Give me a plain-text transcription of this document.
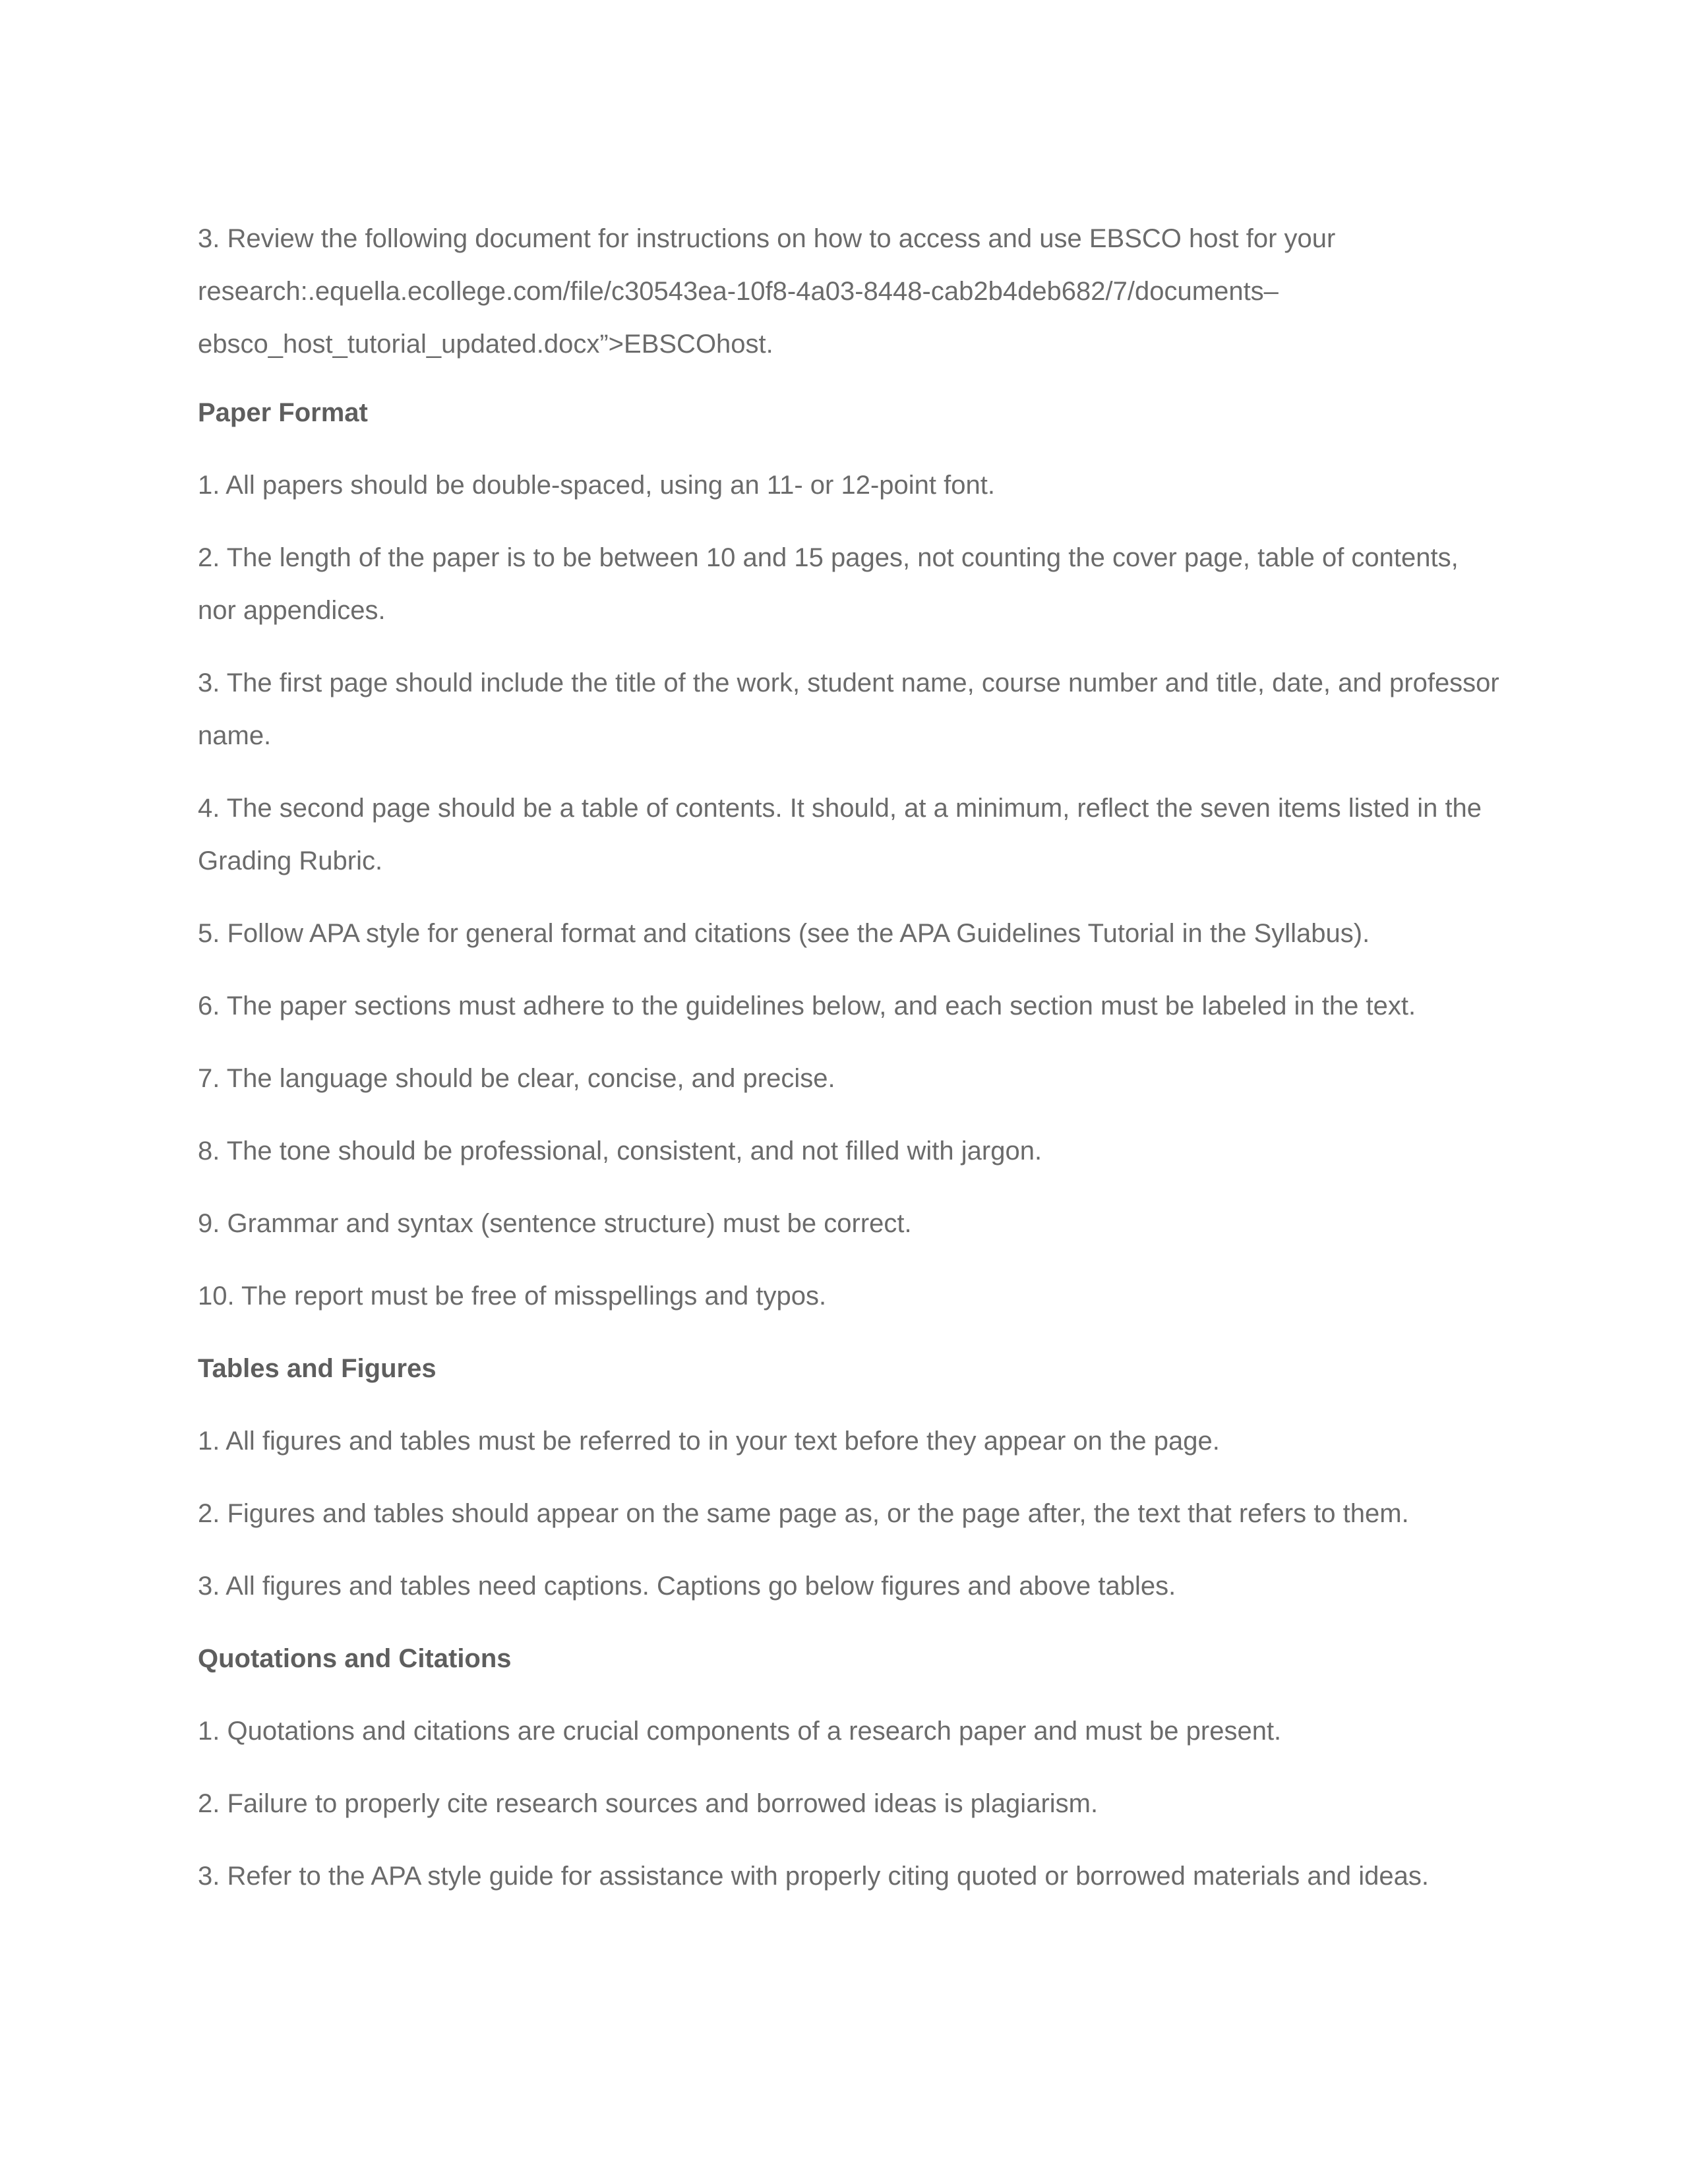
3. Review the following document for instructions on how to access and use EBSCO host for your
research:.equella.ecollege.com/file/c30543ea-10f8-4a03-8448-cab2b4deb682/7/documents–
ebsco_host_tutorial_updated.docx”>EBSCOhost.

Paper Format

1. All papers should be double-spaced, using an 11- or 12-point font.

2. The length of the paper is to be between 10 and 15 pages, not counting the cover page, table of contents, nor appendices.

3. The first page should include the title of the work, student name, course number and title, date, and professor name.

4. The second page should be a table of contents. It should, at a minimum, reflect the seven items listed in the Grading Rubric.

5. Follow APA style for general format and citations (see the APA Guidelines Tutorial in the Syllabus).

6. The paper sections must adhere to the guidelines below, and each section must be labeled in the text.

7. The language should be clear, concise, and precise.

8. The tone should be professional, consistent, and not filled with jargon.

9. Grammar and syntax (sentence structure) must be correct.

10. The report must be free of misspellings and typos.

Tables and Figures

1. All figures and tables must be referred to in your text before they appear on the page.

2. Figures and tables should appear on the same page as, or the page after, the text that refers to them.

3. All figures and tables need captions. Captions go below figures and above tables.

Quotations and Citations

1. Quotations and citations are crucial components of a research paper and must be present.

2. Failure to properly cite research sources and borrowed ideas is plagiarism.

3. Refer to the APA style guide for assistance with properly citing quoted or borrowed materials and ideas.
